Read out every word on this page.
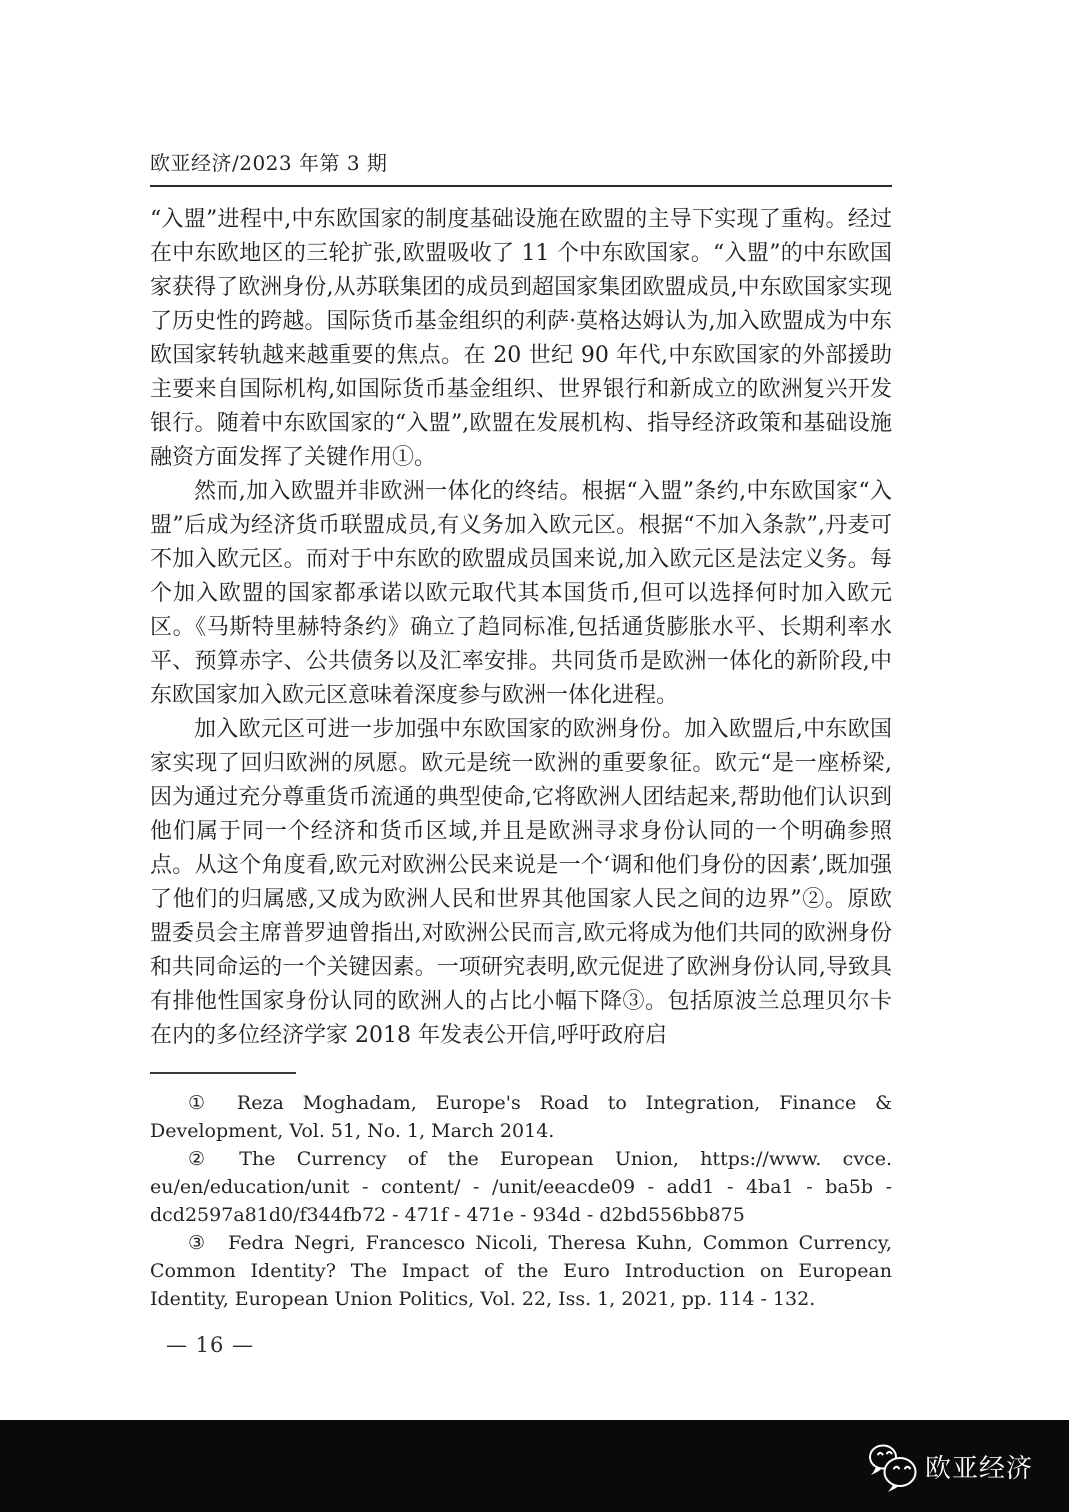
欧亚经济/2023 年第 3 期

“入盟”进程中,中东欧国家的制度基础设施在欧盟的主导下实现了重构。经过在中东欧地区的三轮扩张,欧盟吸收了 11 个中东欧国家。“入盟”的中东欧国家获得了欧洲身份,从苏联集团的成员到超国家集团欧盟成员,中东欧国家实现了历史性的跨越。国际货币基金组织的利萨·莫格达姆认为,加入欧盟成为中东欧国家转轨越来越重要的焦点。在 20 世纪 90 年代,中东欧国家的外部援助主要来自国际机构,如国际货币基金组织、世界银行和新成立的欧洲复兴开发银行。随着中东欧国家的“入盟”,欧盟在发展机构、指导经济政策和基础设施融资方面发挥了关键作用①。

然而,加入欧盟并非欧洲一体化的终结。根据“入盟”条约,中东欧国家“入盟”后成为经济货币联盟成员,有义务加入欧元区。根据“不加入条款”,丹麦可不加入欧元区。而对于中东欧的欧盟成员国来说,加入欧元区是法定义务。每个加入欧盟的国家都承诺以欧元取代其本国货币,但可以选择何时加入欧元区。《马斯特里赫特条约》确立了趋同标准,包括通货膨胀水平、长期利率水平、预算赤字、公共债务以及汇率安排。共同货币是欧洲一体化的新阶段,中东欧国家加入欧元区意味着深度参与欧洲一体化进程。

加入欧元区可进一步加强中东欧国家的欧洲身份。加入欧盟后,中东欧国家实现了回归欧洲的夙愿。欧元是统一欧洲的重要象征。欧元“是一座桥梁,因为通过充分尊重货币流通的典型使命,它将欧洲人团结起来,帮助他们认识到他们属于同一个经济和货币区域,并且是欧洲寻求身份认同的一个明确参照点。从这个角度看,欧元对欧洲公民来说是一个‘调和他们身份的因素’,既加强了他们的归属感,又成为欧洲人民和世界其他国家人民之间的边界”②。原欧盟委员会主席普罗迪曾指出,对欧洲公民而言,欧元将成为他们共同的欧洲身份和共同命运的一个关键因素。一项研究表明,欧元促进了欧洲身份认同,导致具有排他性国家身份认同的欧洲人的占比小幅下降③。包括原波兰总理贝尔卡在内的多位经济学家 2018 年发表公开信,呼吁政府启

① Reza Moghadam, Europe's Road to Integration, Finance & Development, Vol. 51, No. 1, March 2014.

② The Currency of the European Union, https://www. cvce. eu/en/education/unit - content/ - /unit/eeacde09 - add1 - 4ba1 - ba5b - dcd2597a81d0/f344fb72 - 471f - 471e - 934d - d2bd556bb875

③ Fedra Negri, Francesco Nicoli, Theresa Kuhn, Common Currency, Common Identity? The Impact of the Euro Introduction on European Identity, European Union Politics, Vol. 22, Iss. 1, 2021, pp. 114 - 132.

— 16 —
欧亚经济
